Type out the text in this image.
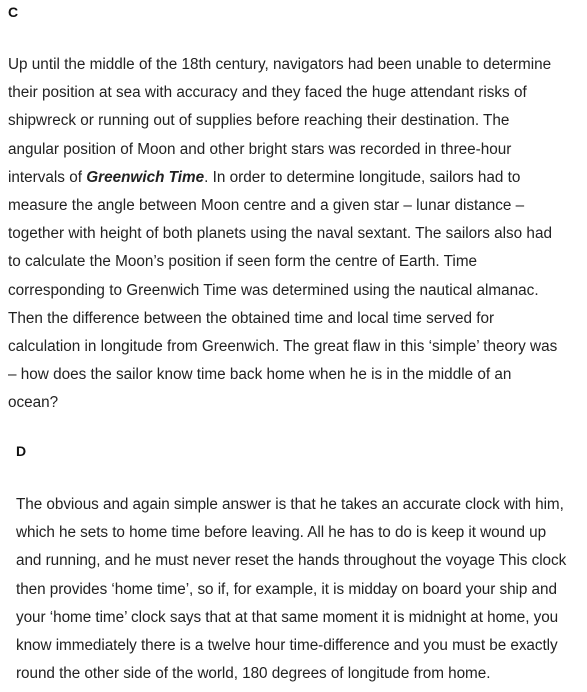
C

Up until the middle of the 18th century, navigators had been unable to determine
their position at sea with accuracy and they faced the huge attendant risks of
shipwreck or running out of supplies before reaching their destination. The
angular position of Moon and other bright stars was recorded in three-hour
intervals of Greenwich Time. In order to determine longitude, sailors had to
measure the angle between Moon centre and a given star – lunar distance –
together with height of both planets using the naval sextant. The sailors also had
to calculate the Moon’s position if seen form the centre of Earth. Time
corresponding to Greenwich Time was determined using the nautical almanac.
Then the difference between the obtained time and local time served for
calculation in longitude from Greenwich. The great flaw in this ‘simple’ theory was
– how does the sailor know time back home when he is in the middle of an
ocean?

D

The obvious and again simple answer is that he takes an accurate clock with him,
which he sets to home time before leaving. All he has to do is keep it wound up
and running, and he must never reset the hands throughout the voyage This clock
then provides ‘home time’, so if, for example, it is midday on board your ship and
your ‘home time’ clock says that at that same moment it is midnight at home, you
know immediately there is a twelve hour time-difference and you must be exactly
round the other side of the world, 180 degrees of longitude from home.
